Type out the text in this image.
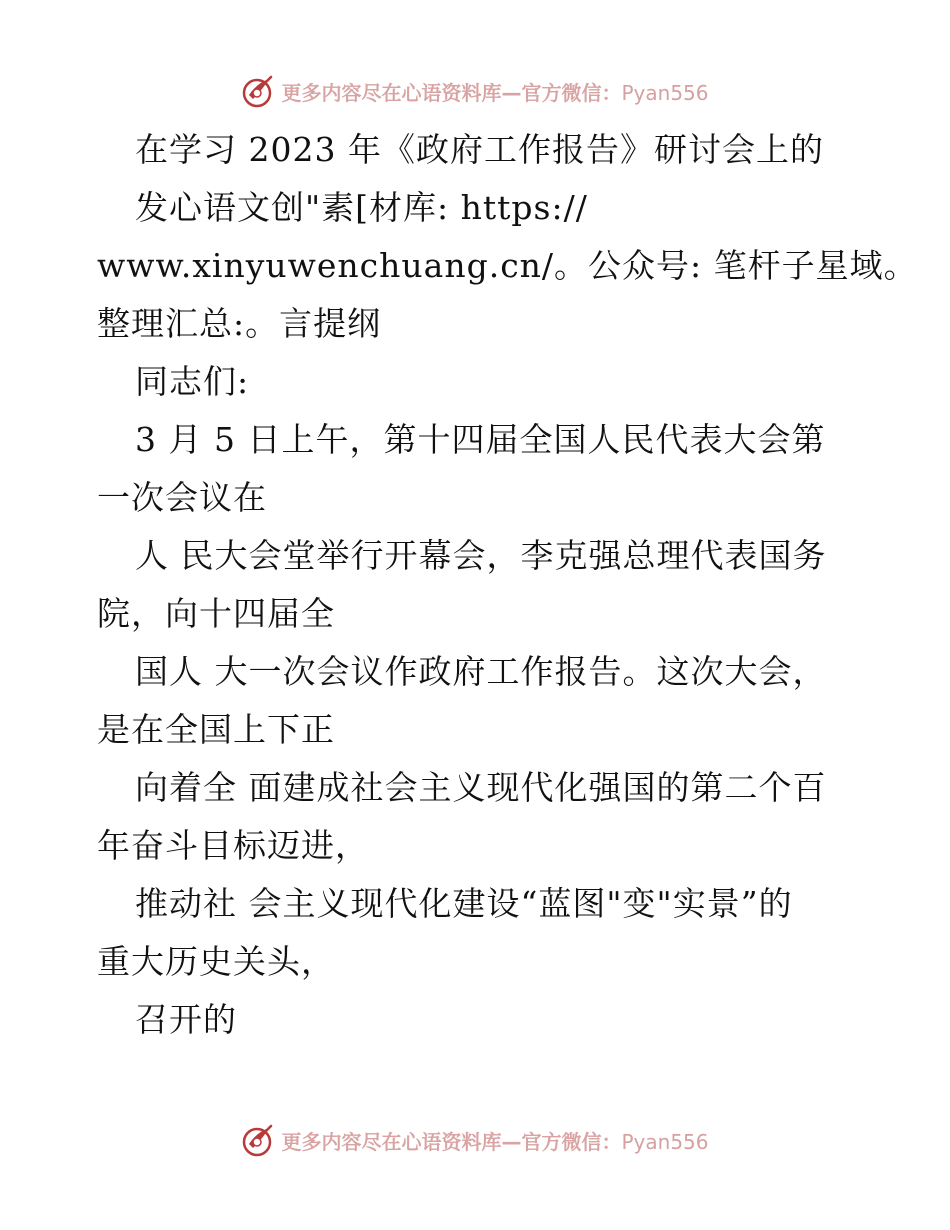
更多内容尽在心语资料库—官方微信：Pyan556
在学习 2023 年《政府工作报告》研讨会上的
发心语文创"素[材库: https://
www.xinyuwenchuang.cn/。公众号: 笔杆子星域。
整理汇总:。言提纲
同志们:
3 月 5 日上午，第十四届全国人民代表大会第
一次会议在
人 民大会堂举行开幕会，李克强总理代表国务
院，向十四届全
国人 大一次会议作政府工作报告。这次大会，
是在全国上下正
向着全 面建成社会主义现代化强国的第二个百
年奋斗目标迈进，
推动社 会主义现代化建设“蓝图"变"实景”的
重大历史关头，
召开的
更多内容尽在心语资料库—官方微信：Pyan556
